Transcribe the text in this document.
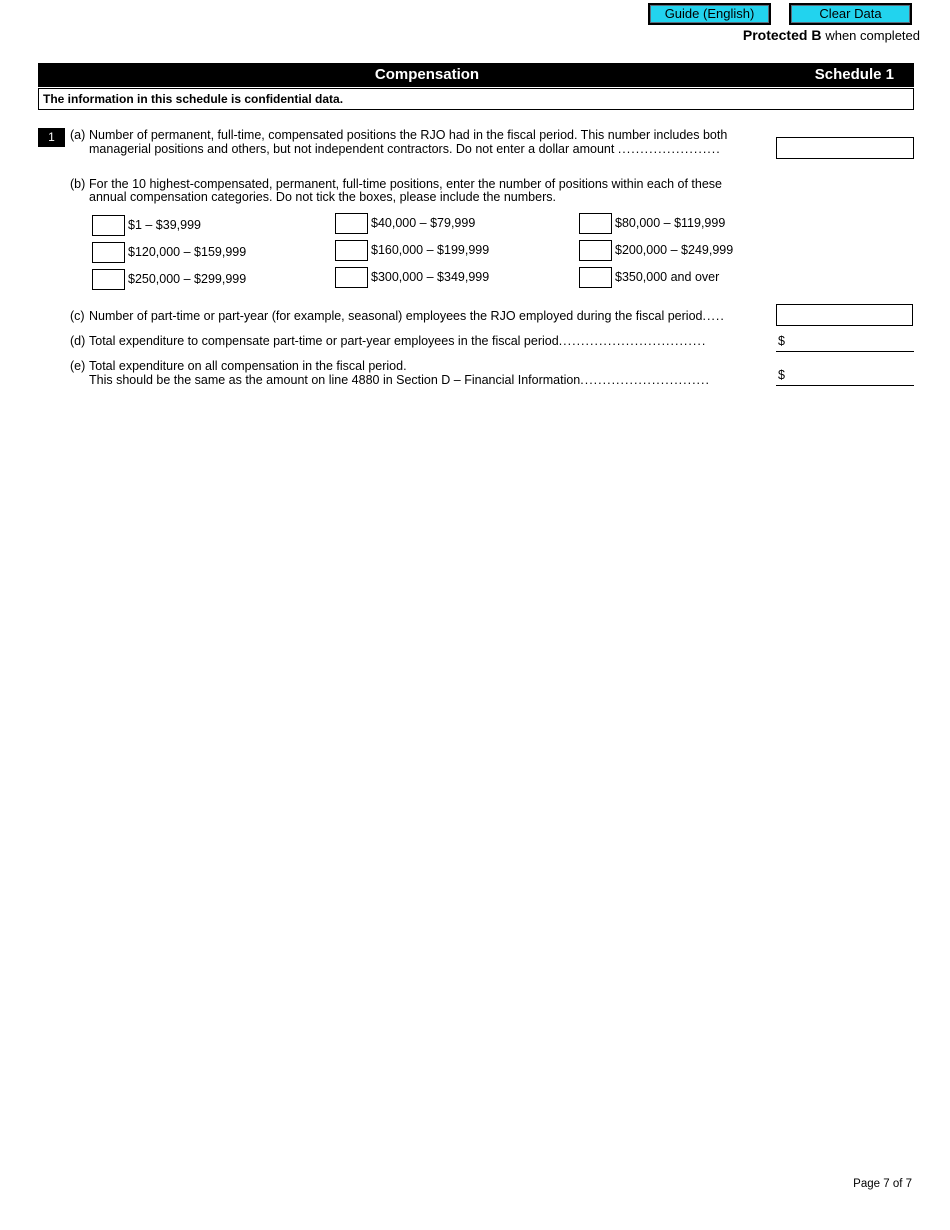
Guide (English)	Clear Data
Protected B when completed
Compensation	Schedule 1
The information in this schedule is confidential data.
1	(a) Number of permanent, full-time, compensated positions the RJO had in the fiscal period. This number includes both
managerial positions and others, but not independent contractors. Do not enter a dollar amount .......................
(b) For the 10 highest-compensated, permanent, full-time positions, enter the number of positions within each of these
annual compensation categories. Do not tick the boxes, please include the numbers.
$1 – $39,999	$40,000 – $79,999	$80,000 – $119,999
$120,000 – $159,999	$160,000 – $199,999	$200,000 – $249,999
$250,000 – $299,999	$300,000 – $349,999	$350,000 and over
(c) Number of part-time or part-year (for example, seasonal) employees the RJO employed during the fiscal period.....
(d) Total expenditure to compensate part-time or part-year employees in the fiscal period.................................	$
(e) Total expenditure on all compensation in the fiscal period.
This should be the same as the amount on line 4880 in Section D – Financial Information.............................	$
Page 7 of 7
